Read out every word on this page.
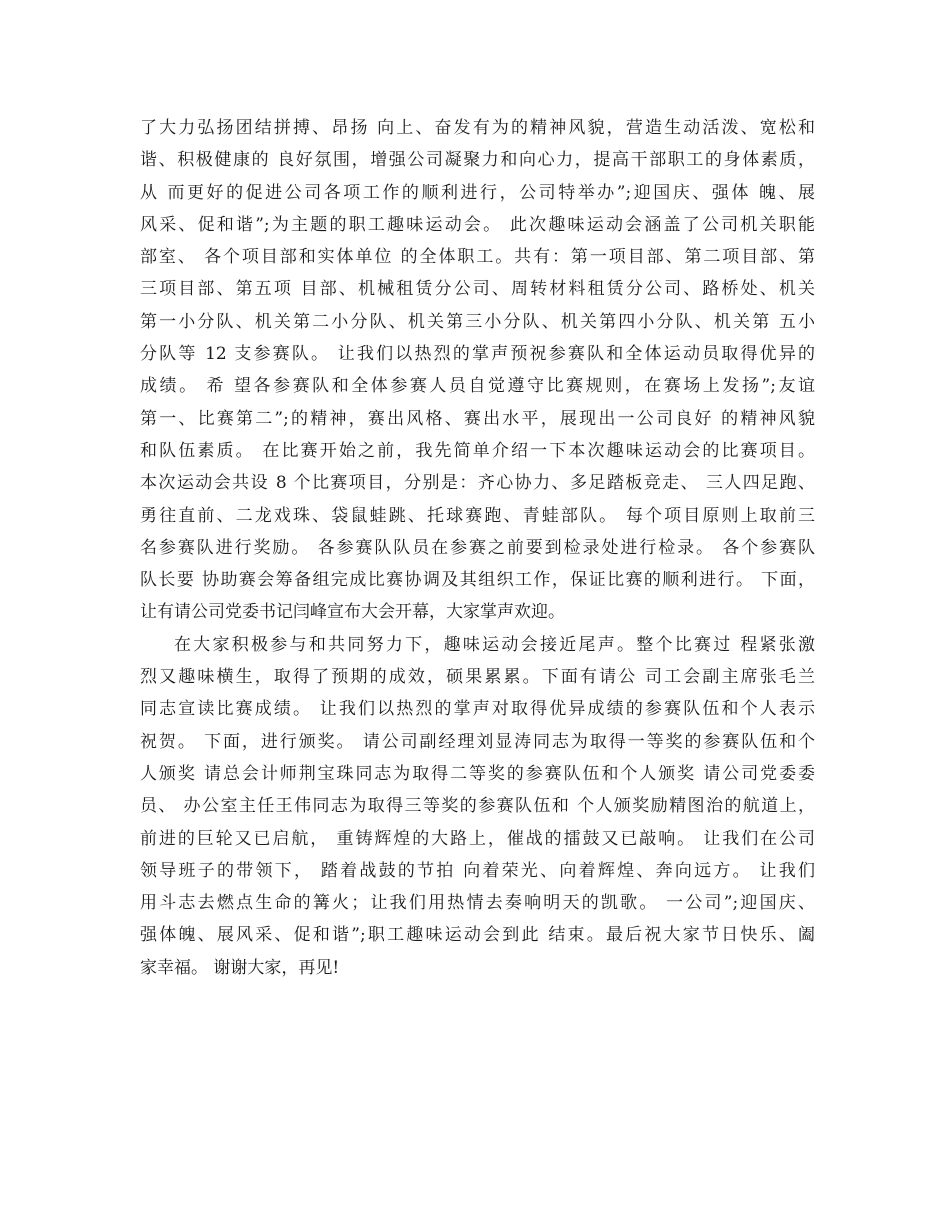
了大力弘扬团结拼搏、昂扬 向上、奋发有为的精神风貌，营造生动活泼、宽松和
谐、积极健康的 良好氛围，增强公司凝聚力和向心力，提高干部职工的身体素质，
从 而更好的促进公司各项工作的顺利进行，公司特举办”;迎国庆、强体 魄、展
风采、促和谐”;为主题的职工趣味运动会。 此次趣味运动会涵盖了公司机关职能
部室、 各个项目部和实体单位 的全体职工。共有：第一项目部、第二项目部、第
三项目部、第五项 目部、机械租赁分公司、周转材料租赁分公司、路桥处、机关
第一小分队、机关第二小分队、机关第三小分队、机关第四小分队、机关第 五小
分队等 12 支参赛队。 让我们以热烈的掌声预祝参赛队和全体运动员取得优异的
成绩。 希 望各参赛队和全体参赛人员自觉遵守比赛规则，在赛场上发扬”;友谊
第一、比赛第二”;的精神，赛出风格、赛出水平，展现出一公司良好 的精神风貌
和队伍素质。 在比赛开始之前，我先简单介绍一下本次趣味运动会的比赛项目。
本次运动会共设 8 个比赛项目，分别是：齐心协力、多足踏板竞走、 三人四足跑、
勇往直前、二龙戏珠、袋鼠蛙跳、托球赛跑、青蛙部队。 每个项目原则上取前三
名参赛队进行奖励。 各参赛队队员在参赛之前要到检录处进行检录。 各个参赛队
队长要 协助赛会筹备组完成比赛协调及其组织工作，保证比赛的顺利进行。 下面，
让有请公司党委书记闫峰宣布大会开幕，大家掌声欢迎。
在大家积极参与和共同努力下，趣味运动会接近尾声。整个比赛过 程紧张激
烈又趣味横生，取得了预期的成效，硕果累累。下面有请公 司工会副主席张毛兰
同志宣读比赛成绩。 让我们以热烈的掌声对取得优异成绩的参赛队伍和个人表示
祝贺。 下面，进行颁奖。 请公司副经理刘显涛同志为取得一等奖的参赛队伍和个
人颁奖 请总会计师荆宝珠同志为取得二等奖的参赛队伍和个人颁奖 请公司党委委
员、 办公室主任王伟同志为取得三等奖的参赛队伍和 个人颁奖励精图治的航道上，
前进的巨轮又已启航， 重铸辉煌的大路上，催战的擂鼓又已敲响。 让我们在公司
领导班子的带领下， 踏着战鼓的节拍 向着荣光、向着辉煌、奔向远方。 让我们
用斗志去燃点生命的篝火；让我们用热情去奏响明天的凯歌。 一公司”;迎国庆、
强体魄、展风采、促和谐”;职工趣味运动会到此 结束。最后祝大家节日快乐、阖
家幸福。 谢谢大家，再见!
